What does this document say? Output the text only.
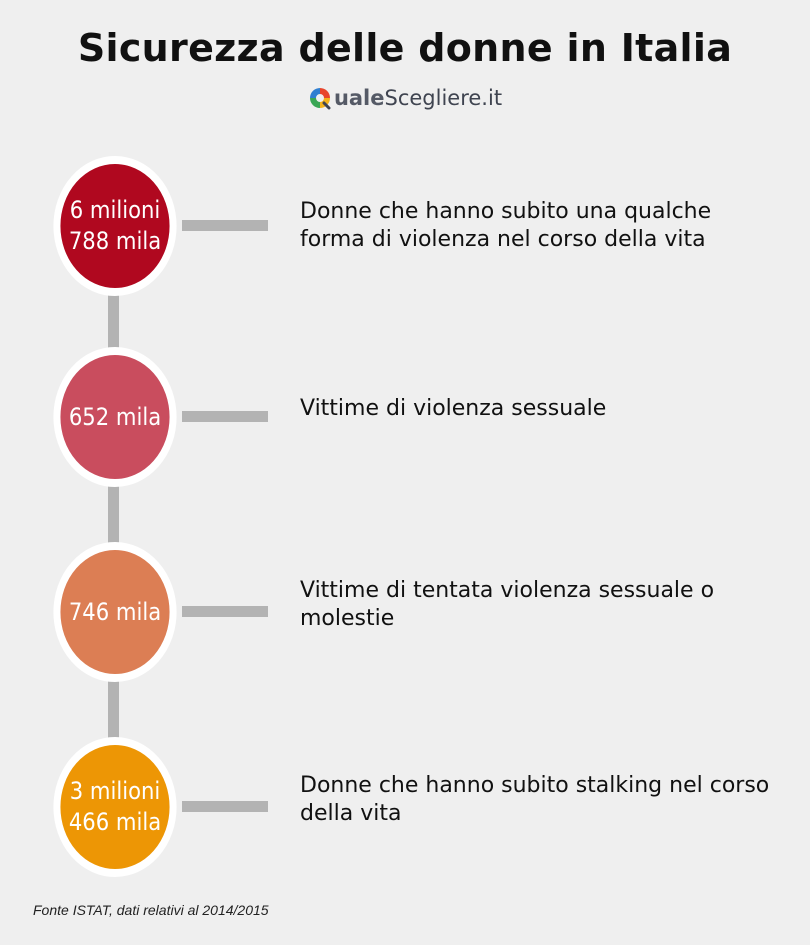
Sicurezza delle donne in Italia
uale Scegliere.it
6 milioni
788 mila
Donne che hanno subito una qualche forma di violenza nel corso della vita
652 mila	Vittime di violenza sessuale
746 mila
Vittime di tentata violenza sessuale o molestie
3 milioni
466 mila
Donne che hanno subito stalking nel corso della vita
Fonte ISTAT, dati relativi al 2014/2015
